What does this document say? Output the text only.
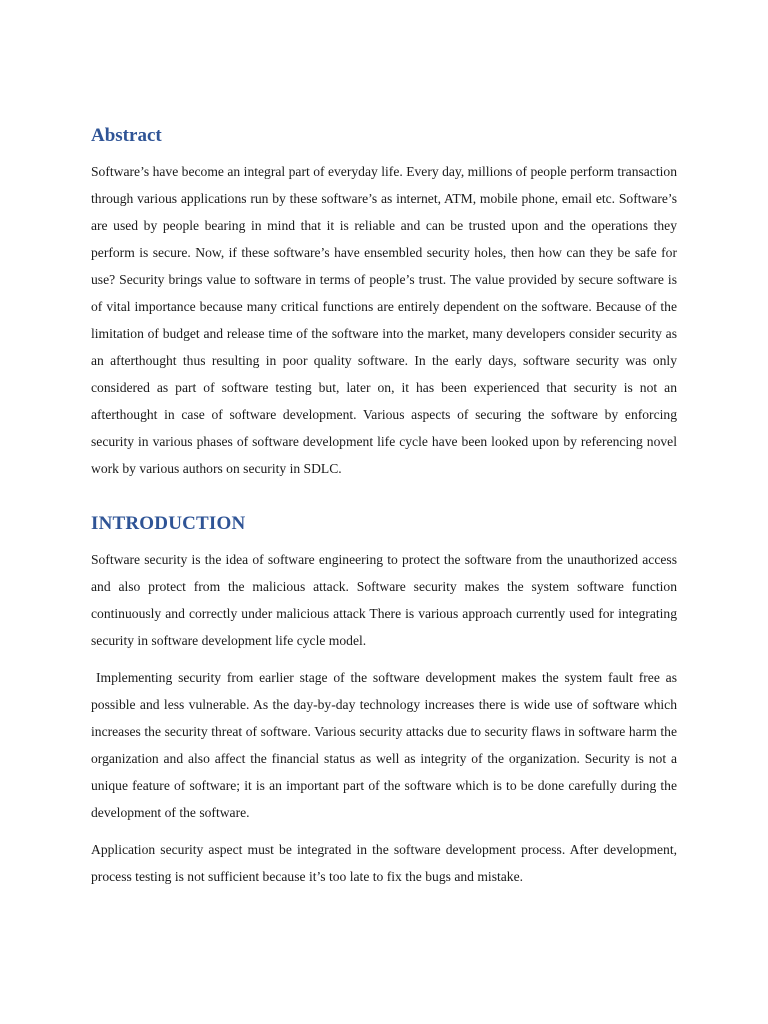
Abstract

Software’s have become an integral part of everyday life. Every day, millions of people perform transaction through various applications run by these software’s as internet, ATM, mobile phone, email etc. Software’s are used by people bearing in mind that it is reliable and can be trusted upon and the operations they perform is secure. Now, if these software’s have ensembled security holes, then how can they be safe for use? Security brings value to software in terms of people’s trust. The value provided by secure software is of vital importance because many critical functions are entirely dependent on the software. Because of the limitation of budget and release time of the software into the market, many developers consider security as an afterthought thus resulting in poor quality software. In the early days, software security was only considered as part of software testing but, later on, it has been experienced that security is not an afterthought in case of software development. Various aspects of securing the software by enforcing security in various phases of software development life cycle have been looked upon by referencing novel work by various authors on security in SDLC.

INTRODUCTION

Software security is the idea of software engineering to protect the software from the unauthorized access and also protect from the malicious attack. Software security makes the system software function continuously and correctly under malicious attack There is various approach currently used for integrating security in software development life cycle model.

Implementing security from earlier stage of the software development makes the system fault free as possible and less vulnerable. As the day-by-day technology increases there is wide use of software which increases the security threat of software. Various security attacks due to security flaws in software harm the organization and also affect the financial status as well as integrity of the organization. Security is not a unique feature of software; it is an important part of the software which is to be done carefully during the development of the software.

Application security aspect must be integrated in the software development process. After development, process testing is not sufficient because it’s too late to fix the bugs and mistake.
